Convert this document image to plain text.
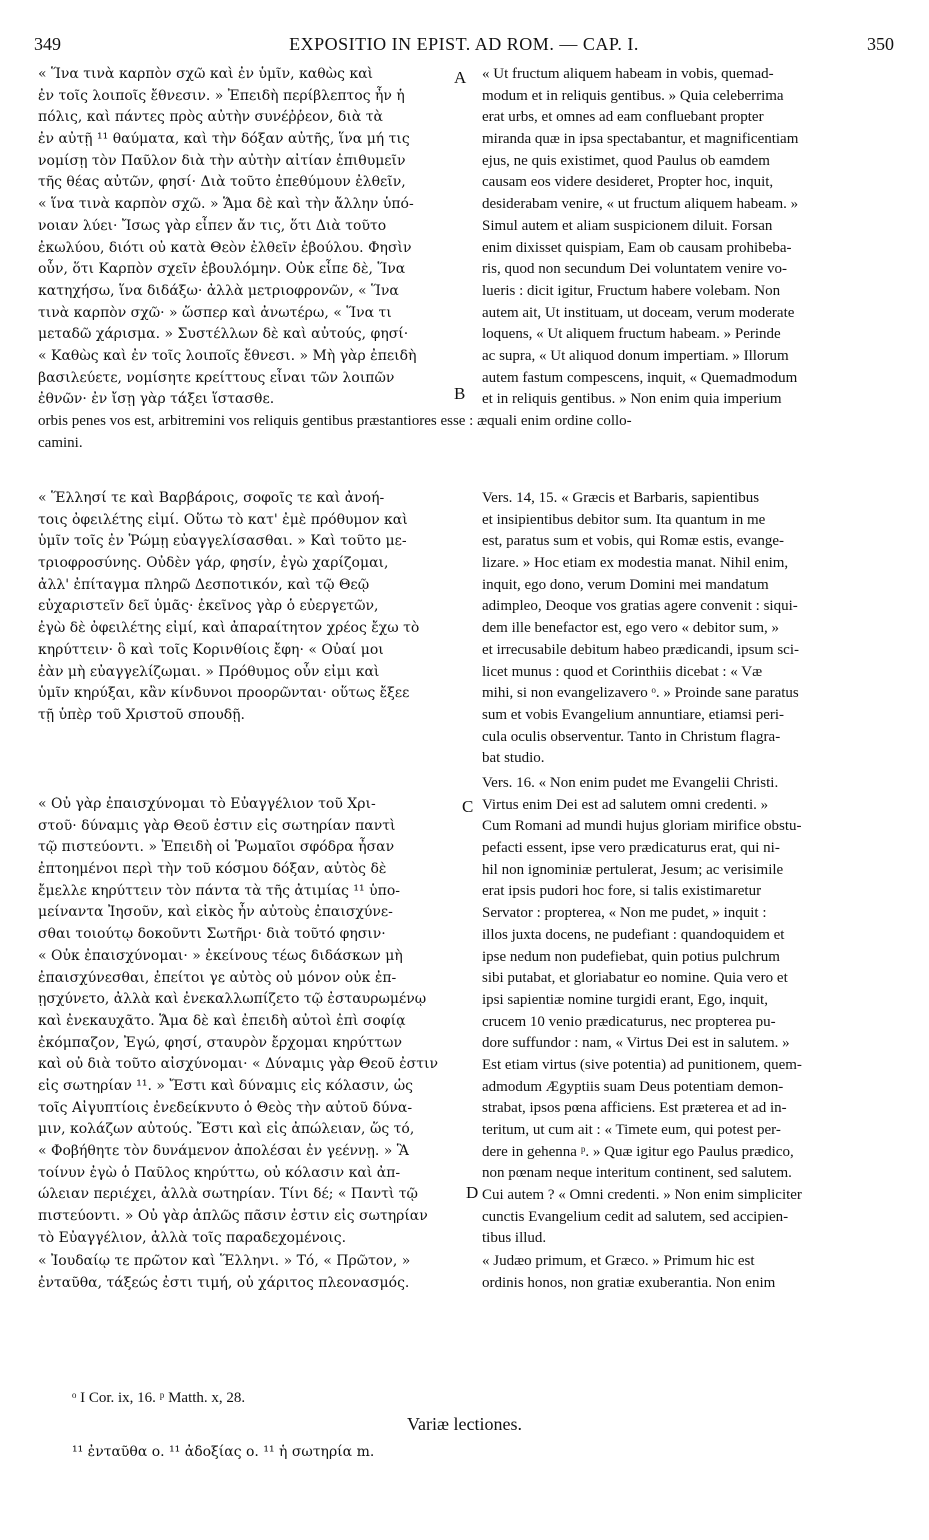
349	EXPOSITIO IN EPIST. AD ROM. — CAP. I.	350
« Ἵνα τινὰ καρπὸν σχῶ καὶ ἐν ὑμῖν, καθὼς καὶ
ἐν τοῖς λοιποῖς ἔθνεσιν. » Ἐπειδὴ περίβλεπτος ἦν ἡ
πόλις, καὶ πάντες πρὸς αὐτὴν συνέῤῥεον, διὰ τὰ
ἐν αὐτῇ ¹¹ θαύματα, καὶ τὴν δόξαν αὐτῆς, ἵνα μή τις
νομίσῃ τὸν Παῦλον διὰ τὴν αὐτὴν αἰτίαν ἐπιθυμεῖν
τῆς θέας αὐτῶν, φησί· Διὰ τοῦτο ἐπεθύμουν ἐλθεῖν,
« ἵνα τινὰ καρπὸν σχῶ. » Ἅμα δὲ καὶ τὴν ἄλλην ὑπό-
νοιαν λύει· Ἴσως γὰρ εἶπεν ἄν τις, ὅτι Διὰ τοῦτο
ἐκωλύου, διότι οὐ κατὰ Θεὸν ἐλθεῖν ἐβούλου. Φησὶν
οὖν, ὅτι Καρπὸν σχεῖν ἐβουλόμην. Οὐκ εἶπε δὲ, Ἵνα
κατηχήσω, ἵνα διδάξω· ἀλλὰ μετριοφρονῶν, « Ἵνα
τινὰ καρπὸν σχῶ· » ὥσπερ καὶ ἀνωτέρω, « Ἵνα τι
μεταδῶ χάρισμα. » Συστέλλων δὲ καὶ αὐτούς, φησί·
« Καθὼς καὶ ἐν τοῖς λοιποῖς ἔθνεσι. » Μὴ γὰρ ἐπειδὴ
βασιλεύετε, νομίσητε κρείττους εἶναι τῶν λοιπῶν
ἐθνῶν· ἐν ἴσῃ γὰρ τάξει ἵστασθε.
« Ut fructum aliquem habeam in vobis, quemad-
modum et in reliquis gentibus. » Quia celeberrima
erat urbs, et omnes ad eam confluebant propter
miranda quæ in ipsa spectabantur, et magnificentiam
ejus, ne quis existimet, quod Paulus ob eamdem
causam eos videre desideret, Propter hoc, inquit,
desiderabam venire, « ut fructum aliquem habeam. »
Simul autem et aliam suspicionem diluit. Forsan
enim dixisset quispiam, Eam ob causam prohibeba-
ris, quod non secundum Dei voluntatem venire vo-
lueris : dicit igitur, Fructum habere volebam. Non
autem ait, Ut instituam, ut doceam, verum moderate
loquens, « Ut aliquem fructum habeam. » Perinde
ac supra, « Ut aliquod donum impertiam. » Illorum
autem fastum compescens, inquit, « Quemadmodum
et in reliquis gentibus. » Non enim quia imperium
orbis penes vos est, arbitremini vos reliquis gentibus præstantiores esse : æquali enim ordine collo-
camini.
« Ἕλλησί τε καὶ Βαρβάροις, σοφοῖς τε καὶ ἀνοή-
τοις ὀφειλέτης εἰμί. Οὕτω τὸ κατ' ἐμὲ πρόθυμον καὶ
ὑμῖν τοῖς ἐν Ῥώμῃ εὐαγγελίσασθαι. » Καὶ τοῦτο με-
τριοφροσύνης. Οὐδὲν γάρ, φησίν, ἐγὼ χαρίζομαι,
ἀλλ' ἐπίταγμα πληρῶ Δεσποτικόν, καὶ τῷ Θεῷ
εὐχαριστεῖν δεῖ ὑμᾶς· ἐκεῖνος γὰρ ὁ εὐεργετῶν,
ἐγὼ δὲ ὀφειλέτης εἰμί, καὶ ἀπαραίτητον χρέος ἔχω τὸ
κηρύττειν· ὃ καὶ τοῖς Κορινθίοις ἔφη· « Οὐαί μοι
ἐὰν μὴ εὐαγγελίζωμαι. » Πρόθυμος οὖν εἰμι καὶ
ὑμῖν κηρύξαι, κἂν κίνδυνοι προορῶνται· οὕτως ἔξεε
τῇ ὑπὲρ τοῦ Χριστοῦ σπουδῇ.
Vers. 14, 15. « Græcis et Barbaris, sapientibus
et insipientibus debitor sum. Ita quantum in me
est, paratus sum et vobis, qui Romæ estis, evange-
lizare. » Hoc etiam ex modestia manat. Nihil enim,
inquit, ego dono, verum Domini mei mandatum
adimpleo, Deoque vos gratias agere convenit : siqui-
dem ille benefactor est, ego vero « debitor sum, »
et irrecusabile debitum habeo prædicandi, ipsum sci-
licet munus : quod et Corinthiis dicebat : « Væ
mihi, si non evangelizavero ᵒ. » Proinde sane paratus
sum et vobis Evangelium annuntiare, etiamsi peri-
cula oculis observentur. Tanto in Christum flagra-
bat studio.
« Οὐ γὰρ ἐπαισχύνομαι τὸ Εὐαγγέλιον τοῦ Χρι-
στοῦ· δύναμις γὰρ Θεοῦ ἐστιν εἰς σωτηρίαν παντὶ
τῷ πιστεύοντι. » Ἐπειδὴ οἱ Ῥωμαῖοι σφόδρα ἦσαν
ἐπτοημένοι περὶ τὴν τοῦ κόσμου δόξαν, αὐτὸς δὲ
ἔμελλε κηρύττειν τὸν πάντα τὰ τῆς ἀτιμίας ¹¹ ὑπο-
μείναντα Ἰησοῦν, καὶ εἰκὸς ἦν αὐτοὺς ἐπαισχύνε-
σθαι τοιούτῳ δοκοῦντι Σωτῆρι· διὰ τοῦτό φησιν·
« Οὐκ ἐπαισχύνομαι· » ἐκείνους τέως διδάσκων μὴ
ἐπαισχύνεσθαι, ἐπείτοι γε αὐτὸς οὐ μόνον οὐκ ἐπ-
ῃσχύνετο, ἀλλὰ καὶ ἐνεκαλλωπίζετο τῷ ἐσταυρωμένῳ
καὶ ἐνεκαυχᾶτο. Ἅμα δὲ καὶ ἐπειδὴ αὐτοὶ ἐπὶ σοφίᾳ
ἐκόμπαζον, Ἐγώ, φησί, σταυρὸν ἔρχομαι κηρύττων
καὶ οὐ διὰ τοῦτο αἰσχύνομαι· « Δύναμις γὰρ Θεοῦ ἐστιν
εἰς σωτηρίαν ¹¹. » Ἔστι καὶ δύναμις εἰς κόλασιν, ὡς
τοῖς Αἰγυπτίοις ἐνεδείκνυτο ὁ Θεὸς τὴν αὐτοῦ δύνα-
μιν, κολάζων αὐτούς. Ἔστι καὶ εἰς ἀπώλειαν, ὥς τό,
« Φοβήθητε τὸν δυνάμενον ἀπολέσαι ἐν γεέννῃ. » Ἃ
τοίνυν ἐγὼ ὁ Παῦλος κηρύττω, οὐ κόλασιν καὶ ἀπ-
ώλειαν περιέχει, ἀλλὰ σωτηρίαν. Τίνι δέ; « Παντὶ τῷ
πιστεύοντι. » Οὐ γὰρ ἁπλῶς πᾶσιν ἐστιν εἰς σωτηρίαν
τὸ Εὐαγγέλιον, ἀλλὰ τοῖς παραδεχομένοις.
Vers. 16. « Non enim pudet me Evangelii Christi.
Virtus enim Dei est ad salutem omni credenti. »
Cum Romani ad mundi hujus gloriam mirifice obstu-
pefacti essent, ipse vero prædicaturus erat, qui ni-
hil non ignominiæ pertulerat, Jesum; ac verisimile
erat ipsis pudori hoc fore, si talis existimaretur
Servator : propterea, « Non me pudet, » inquit :
illos juxta docens, ne pudefiant : quandoquidem et
ipse nedum non pudefiebat, quin potius pulchrum
sibi putabat, et gloriabatur eo nomine. Quia vero et
ipsi sapientiæ nomine turgidi erant, Ego, inquit,
crucem 10 venio prædicaturus, nec propterea pu-
dore suffundor : nam, « Virtus Dei est in salutem. »
Est etiam virtus (sive potentia) ad punitionem, quem-
admodum Ægyptiis suam Deus potentiam demon-
strabat, ipsos pœna afficiens. Est præterea et ad in-
teritum, ut cum ait : « Timete eum, qui potest per-
dere in gehenna ᵖ. » Quæ igitur ego Paulus prædico,
non pœnam neque interitum continent, sed salutem.
Cui autem ? « Omni credenti. » Non enim simpliciter
cunctis Evangelium cedit ad salutem, sed accipien-
tibus illud.
« Ἰουδαίῳ τε πρῶτον καὶ Ἕλληνι. » Τό, « Πρῶτον, »
ἐνταῦθα, τάξεώς ἐστι τιμή, οὐ χάριτος πλεονασμός.
« Judæo primum, et Græco. » Primum hic est
ordinis honos, non gratiæ exuberantia. Non enim
A
B
C
D
ᵒ I Cor. ix, 16. ᵖ Matth. x, 28.
Variæ lectiones.
¹¹ ἐνταῦθα ο. ¹¹ ἀδοξίας ο. ¹¹ ἡ σωτηρία m.
